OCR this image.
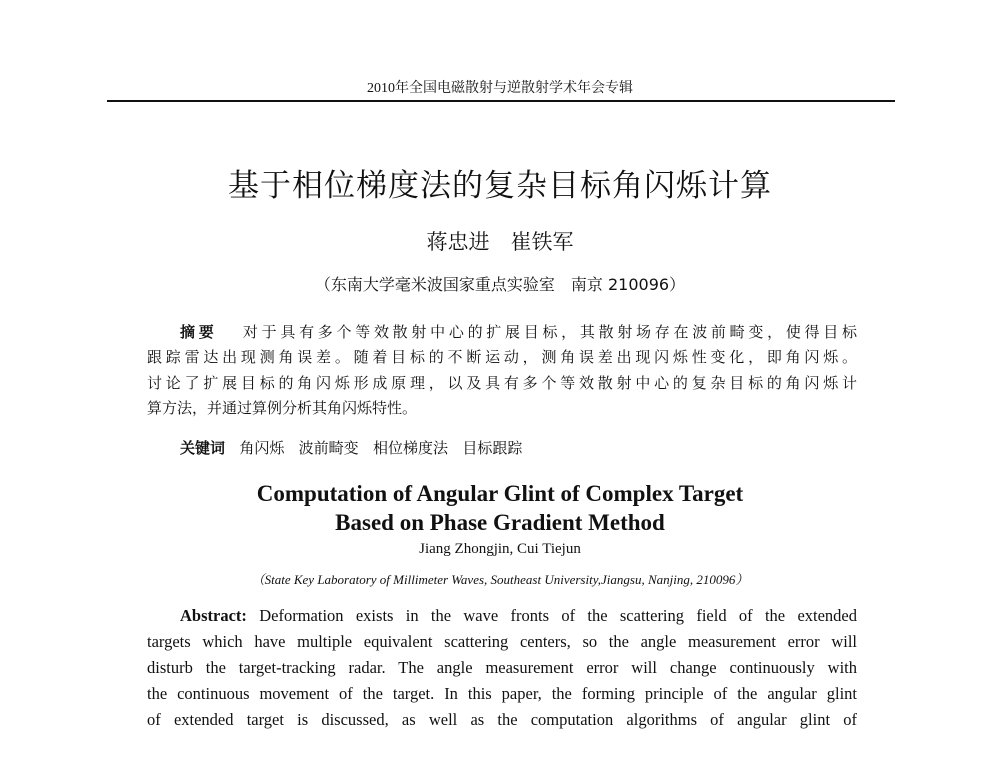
2010年全国电磁散射与逆散射学术年会专辑
基于相位梯度法的复杂目标角闪烁计算
蒋忠进　崔铁军
（东南大学毫米波国家重点实验室　南京 210096）
摘要 对于具有多个等效散射中心的扩展目标，其散射场存在波前畸变，使得目标
跟踪雷达出现测角误差。随着目标的不断运动，测角误差出现闪烁性变化，即角闪烁。
讨论了扩展目标的角闪烁形成原理，以及具有多个等效散射中心的复杂目标的角闪烁计
算方法，并通过算例分析其角闪烁特性。
关键词 角闪烁 波前畸变 相位梯度法 目标跟踪
Computation of Angular Glint of Complex Target
Based on Phase Gradient Method
Jiang Zhongjin, Cui Tiejun
（State Key Laboratory of Millimeter Waves, Southeast University,Jiangsu, Nanjing, 210096）
Abstract: Deformation exists in the wave fronts of the scattering field of the extended
targets which have multiple equivalent scattering centers, so the angle measurement error will
disturb the target-tracking radar. The angle measurement error will change continuously with
the continuous movement of the target. In this paper, the forming principle of the angular glint
of extended target is discussed, as well as the computation algorithms of angular glint of
